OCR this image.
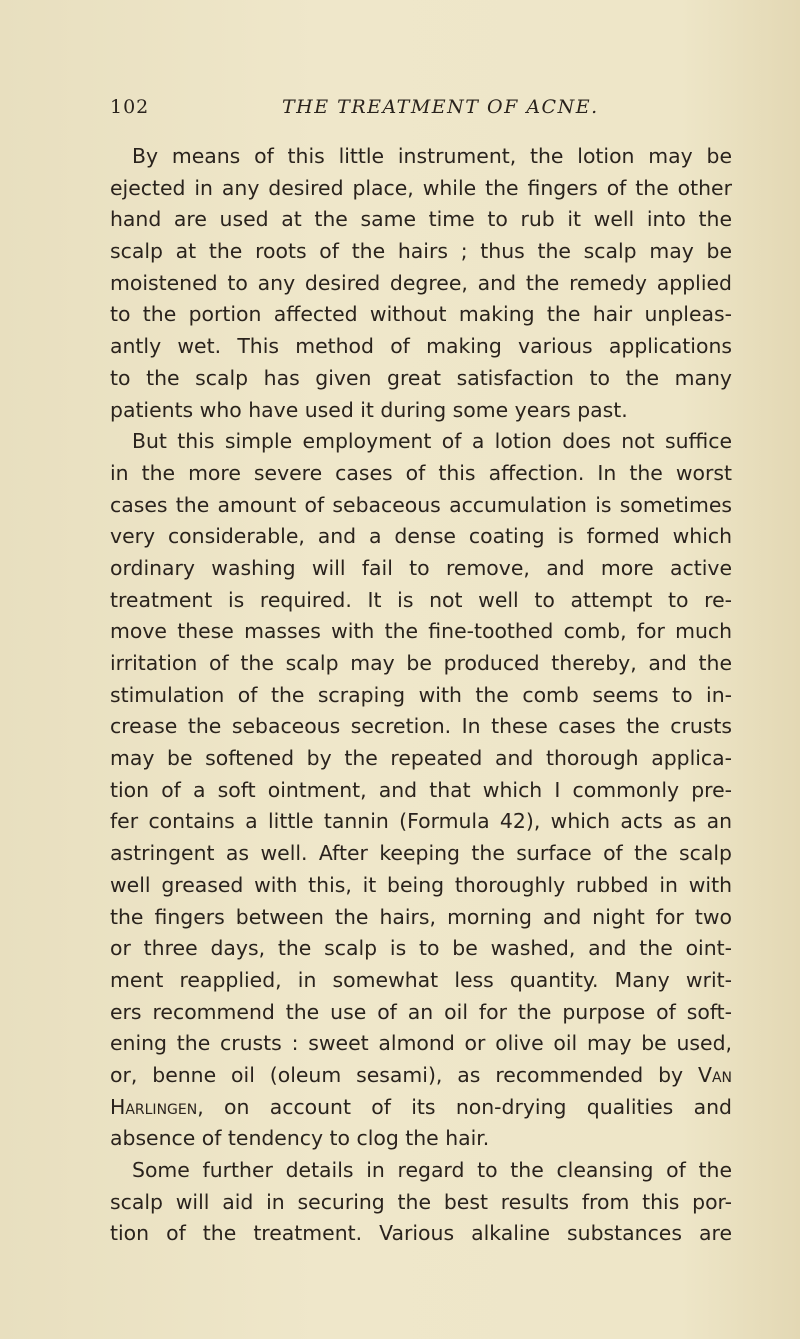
102	THE TREATMENT OF ACNE.
By means of this little instrument, the lotion may be
ejected in any desired place, while the fingers of the other
hand are used at the same time to rub it well into the
scalp at the roots of the hairs ; thus the scalp may be
moistened to any desired degree, and the remedy applied
to the portion affected without making the hair unpleas-
antly wet. This method of making various applications
to the scalp has given great satisfaction to the many
patients who have used it during some years past.
But this simple employment of a lotion does not suffice
in the more severe cases of this affection. In the worst
cases the amount of sebaceous accumulation is sometimes
very considerable, and a dense coating is formed which
ordinary washing will fail to remove, and more active
treatment is required. It is not well to attempt to re-
move these masses with the fine-toothed comb, for much
irritation of the scalp may be produced thereby, and the
stimulation of the scraping with the comb seems to in-
crease the sebaceous secretion. In these cases the crusts
may be softened by the repeated and thorough applica-
tion of a soft ointment, and that which I commonly pre-
fer contains a little tannin (Formula 42), which acts as an
astringent as well. After keeping the surface of the scalp
well greased with this, it being thoroughly rubbed in with
the fingers between the hairs, morning and night for two
or three days, the scalp is to be washed, and the oint-
ment reapplied, in somewhat less quantity. Many writ-
ers recommend the use of an oil for the purpose of soft-
ening the crusts : sweet almond or olive oil may be used,
or, benne oil (oleum sesami), as recommended by Van
Harlingen, on account of its non-drying qualities and
absence of tendency to clog the hair.
Some further details in regard to the cleansing of the
scalp will aid in securing the best results from this por-
tion of the treatment. Various alkaline substances are
